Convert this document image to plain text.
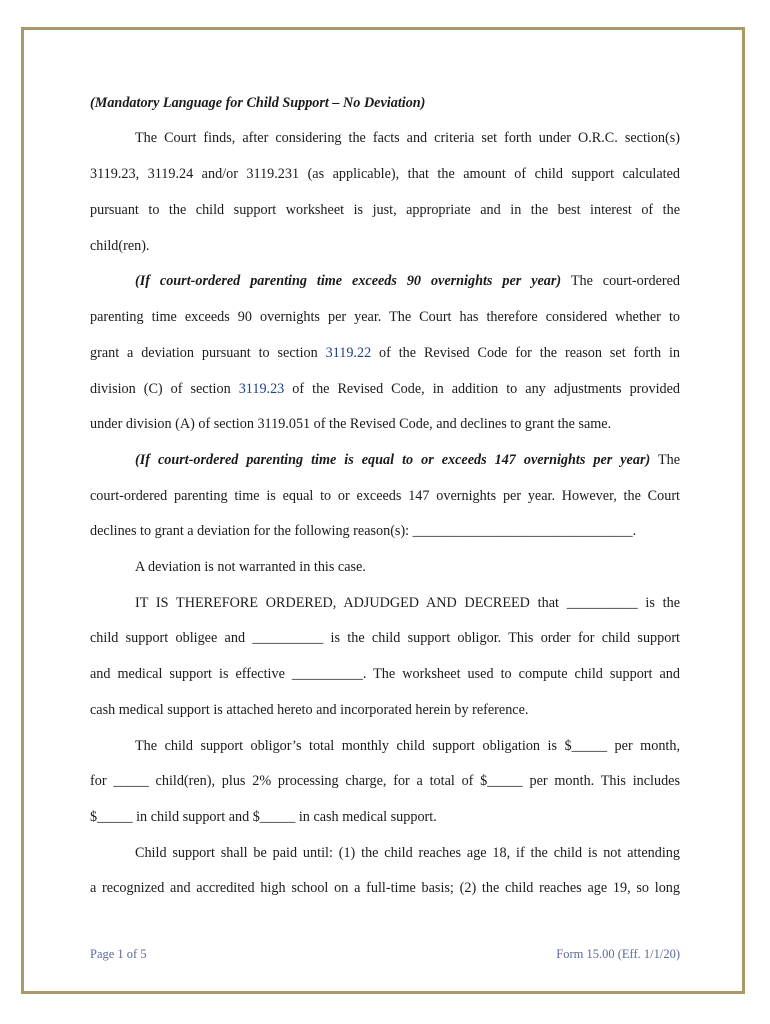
(Mandatory Language for Child Support – No Deviation)
The Court finds, after considering the facts and criteria set forth under O.R.C. section(s)
3119.23, 3119.24 and/or 3119.231 (as applicable), that the amount of child support calculated
pursuant to the child support worksheet is just, appropriate and in the best interest of the
child(ren).
(If court-ordered parenting time exceeds 90 overnights per year) The court-ordered
parenting time exceeds 90 overnights per year. The Court has therefore considered whether to
grant a deviation pursuant to section 3119.22 of the Revised Code for the reason set forth in
division (C) of section 3119.23 of the Revised Code, in addition to any adjustments provided
under division (A) of section 3119.051 of the Revised Code, and declines to grant the same.
(If court-ordered parenting time is equal to or exceeds 147 overnights per year) The
court-ordered parenting time is equal to or exceeds 147 overnights per year. However, the Court
declines to grant a deviation for the following reason(s): _______________________________.
A deviation is not warranted in this case.
IT IS THEREFORE ORDERED, ADJUDGED AND DECREED that __________ is the
child support obligee and __________ is the child support obligor. This order for child support
and medical support is effective __________. The worksheet used to compute child support and
cash medical support is attached hereto and incorporated herein by reference.
The child support obligor’s total monthly child support obligation is $_____ per month,
for _____ child(ren), plus 2% processing charge, for a total of $_____ per month. This includes
$_____ in child support and $_____ in cash medical support.
Child support shall be paid until: (1) the child reaches age 18, if the child is not attending
a recognized and accredited high school on a full-time basis; (2) the child reaches age 19, so long
Page 1 of 5	Form 15.00 (Eff. 1/1/20)
